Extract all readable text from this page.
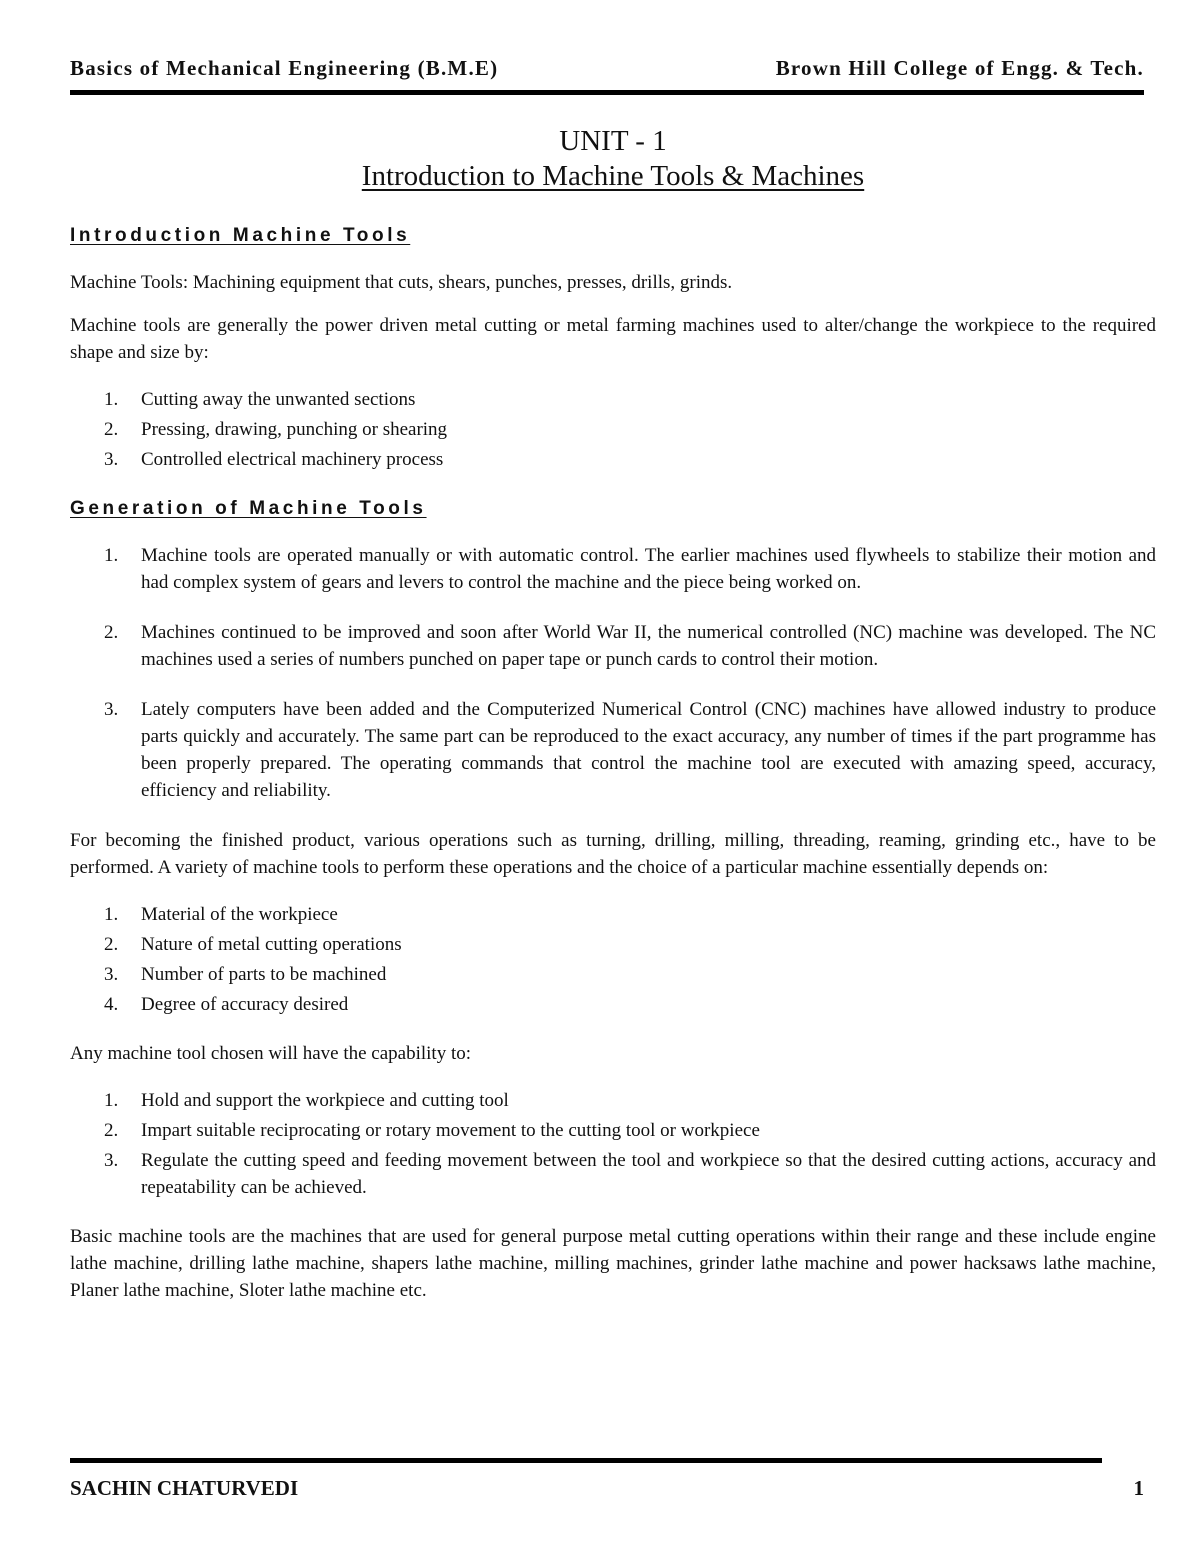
Basics of Mechanical Engineering (B.M.E)	Brown Hill College of Engg. & Tech.
UNIT - 1
Introduction to Machine Tools & Machines
Introduction Machine Tools

Machine Tools: Machining equipment that cuts, shears, punches, presses, drills, grinds.

Machine tools are generally the power driven metal cutting or metal farming machines used to alter/change the workpiece to the required shape and size by:

1. Cutting away the unwanted sections
2. Pressing, drawing, punching or shearing
3. Controlled electrical machinery process
Generation of Machine Tools
1. Machine tools are operated manually or with automatic control. The earlier machines used flywheels to stabilize their motion and had complex system of gears and levers to control the machine and the piece being worked on.
2. Machines continued to be improved and soon after World War II, the numerical controlled (NC) machine was developed. The NC machines used a series of numbers punched on paper tape or punch cards to control their motion.
3. Lately computers have been added and the Computerized Numerical Control (CNC) machines have allowed industry to produce parts quickly and accurately. The same part can be reproduced to the exact accuracy, any number of times if the part programme has been properly prepared. The operating commands that control the machine tool are executed with amazing speed, accuracy, efficiency and reliability.

For becoming the finished product, various operations such as turning, drilling, milling, threading, reaming, grinding etc., have to be performed. A variety of machine tools to perform these operations and the choice of a particular machine essentially depends on:

1. Material of the workpiece
2. Nature of metal cutting operations
3. Number of parts to be machined
4. Degree of accuracy desired

Any machine tool chosen will have the capability to:

1. Hold and support the workpiece and cutting tool
2. Impart suitable reciprocating or rotary movement to the cutting tool or workpiece
3. Regulate the cutting speed and feeding movement between the tool and workpiece so that the desired cutting actions, accuracy and repeatability can be achieved.

Basic machine tools are the machines that are used for general purpose metal cutting operations within their range and these include engine lathe machine, drilling lathe machine, shapers lathe machine, milling machines, grinder lathe machine and power hacksaws lathe machine, Planer lathe machine, Sloter lathe machine etc.

SACHIN CHATURVEDI	1
